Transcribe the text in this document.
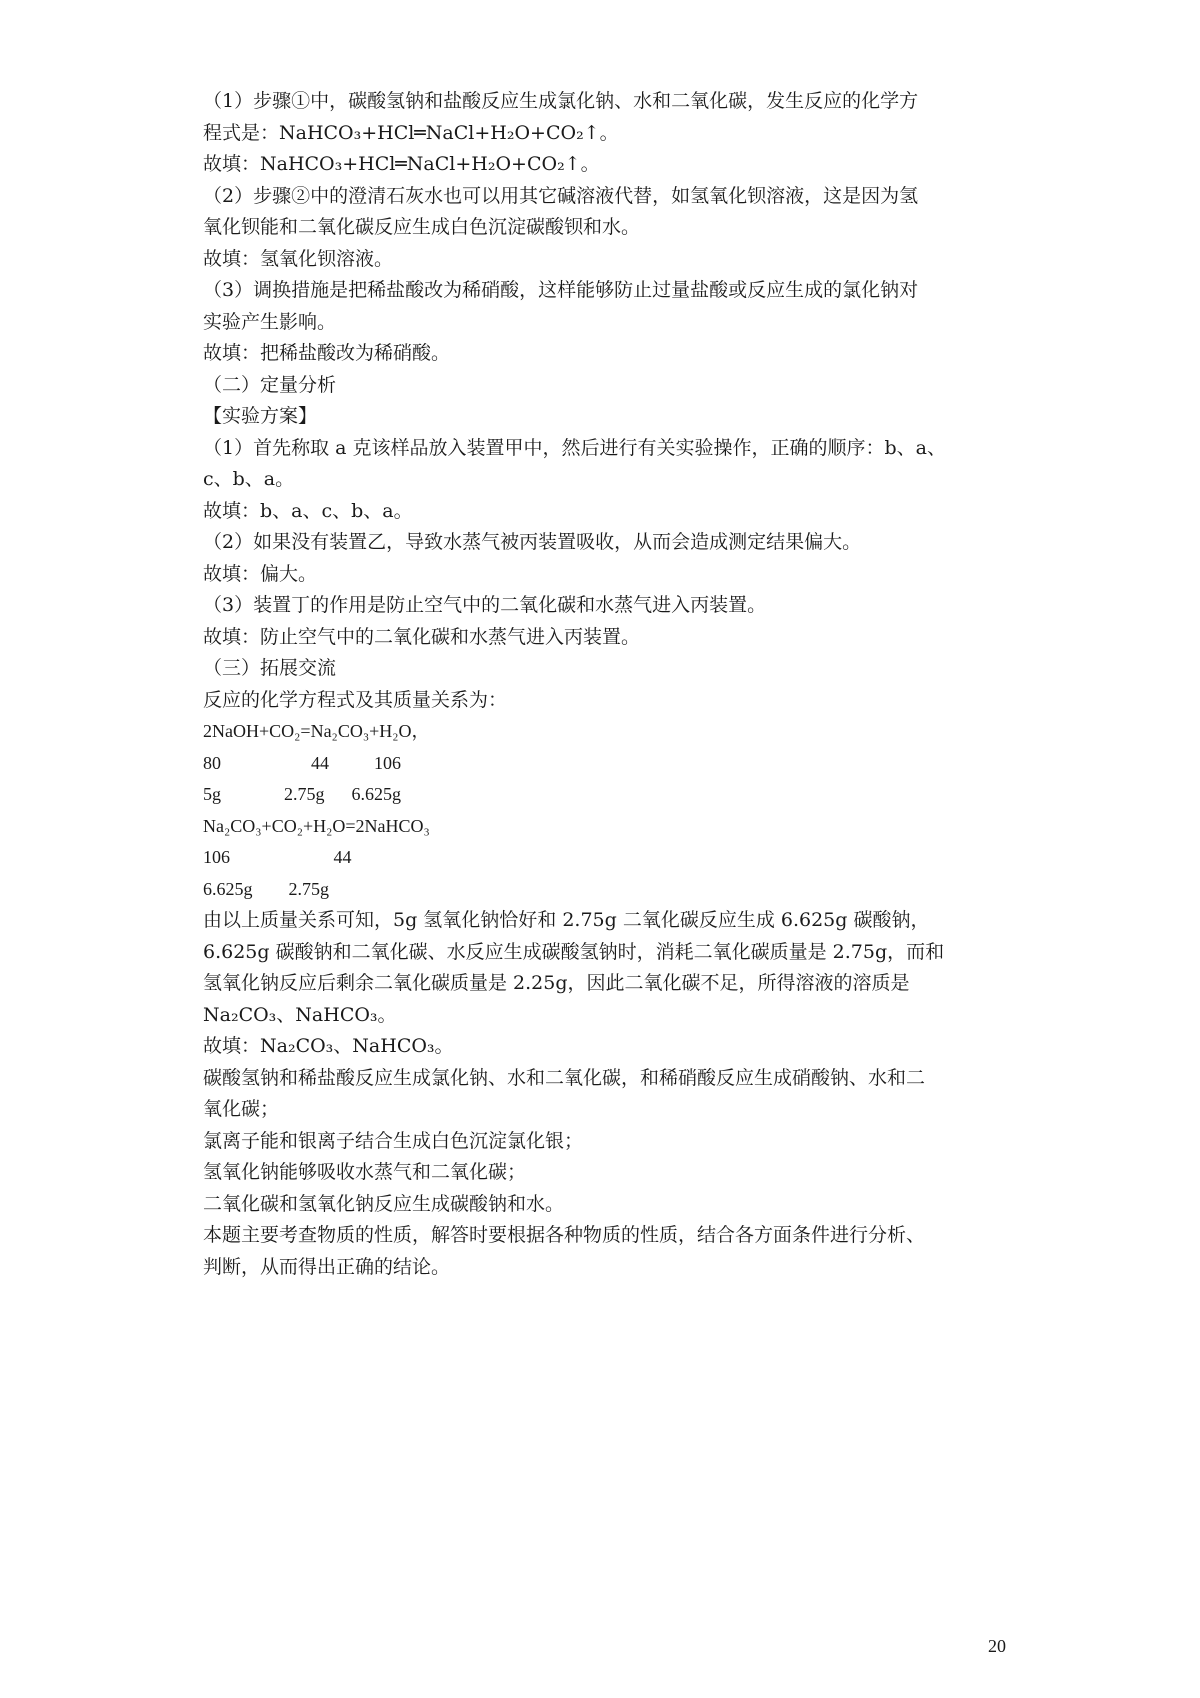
（1）步骤①中，碳酸氢钠和盐酸反应生成氯化钠、水和二氧化碳，发生反应的化学方
程式是：NaHCO₃+HCl═NaCl+H₂O+CO₂↑。
故填：NaHCO₃+HCl═NaCl+H₂O+CO₂↑。
（2）步骤②中的澄清石灰水也可以用其它碱溶液代替，如氢氧化钡溶液，这是因为氢
氧化钡能和二氧化碳反应生成白色沉淀碳酸钡和水。
故填：氢氧化钡溶液。
（3）调换措施是把稀盐酸改为稀硝酸，这样能够防止过量盐酸或反应生成的氯化钠对
实验产生影响。
故填：把稀盐酸改为稀硝酸。
（二）定量分析
【实验方案】
（1）首先称取 a 克该样品放入装置甲中，然后进行有关实验操作，正确的顺序：b、a、
c、b、a。
故填：b、a、c、b、a。
（2）如果没有装置乙，导致水蒸气被丙装置吸收，从而会造成测定结果偏大。
故填：偏大。
（3）装置丁的作用是防止空气中的二氧化碳和水蒸气进入丙装置。
故填：防止空气中的二氧化碳和水蒸气进入丙装置。
（三）拓展交流
反应的化学方程式及其质量关系为：
2NaOH+CO₂=Na₂CO₃+H₂O，
80                    44          106
5g              2.75g      6.625g
Na₂CO₃+CO₂+H₂O=2NaHCO₃
106                       44
6.625g        2.75g
由以上质量关系可知，5g 氢氧化钠恰好和 2.75g 二氧化碳反应生成 6.625g 碳酸钠，
6.625g 碳酸钠和二氧化碳、水反应生成碳酸氢钠时，消耗二氧化碳质量是 2.75g，而和
氢氧化钠反应后剩余二氧化碳质量是 2.25g，因此二氧化碳不足，所得溶液的溶质是
Na₂CO₃、NaHCO₃。
故填：Na₂CO₃、NaHCO₃。
碳酸氢钠和稀盐酸反应生成氯化钠、水和二氧化碳，和稀硝酸反应生成硝酸钠、水和二
氧化碳；
氯离子能和银离子结合生成白色沉淀氯化银；
氢氧化钠能够吸收水蒸气和二氧化碳；
二氧化碳和氢氧化钠反应生成碳酸钠和水。
本题主要考查物质的性质，解答时要根据各种物质的性质，结合各方面条件进行分析、
判断，从而得出正确的结论。
20
